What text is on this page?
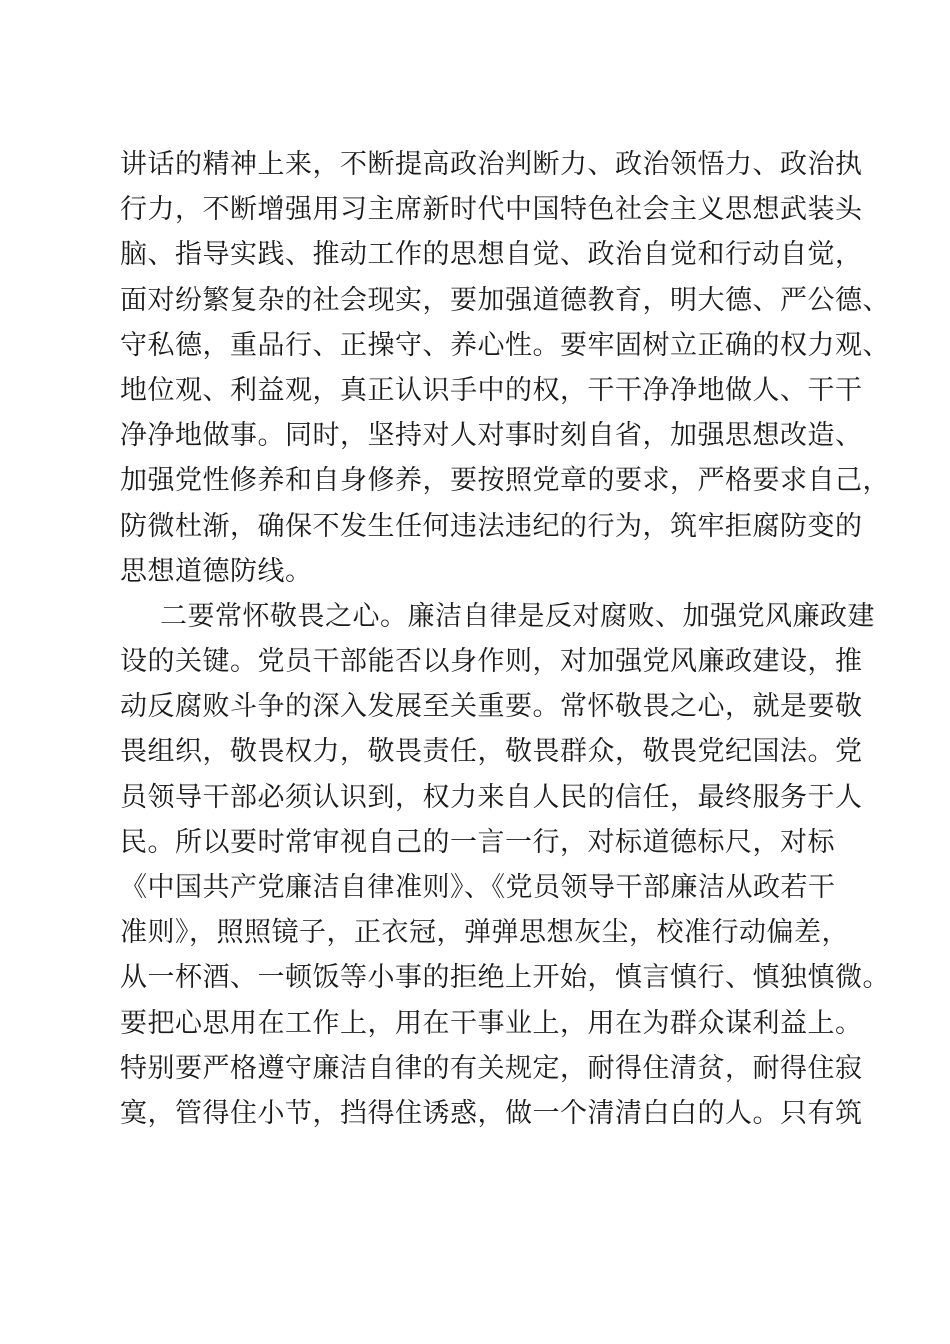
讲话的精神上来，不断提高政治判断力、政治领悟力、政治执
行力，不断增强用习主席新时代中国特色社会主义思想武装头
脑、指导实践、推动工作的思想自觉、政治自觉和行动自觉，
面对纷繁复杂的社会现实，要加强道德教育，明大德、严公德、
守私德，重品行、正操守、养心性。要牢固树立正确的权力观、
地位观、利益观，真正认识手中的权，干干净净地做人、干干
净净地做事。同时，坚持对人对事时刻自省，加强思想改造、
加强党性修养和自身修养，要按照党章的要求，严格要求自己，
防微杜渐，确保不发生任何违法违纪的行为，筑牢拒腐防变的
思想道德防线。
二要常怀敬畏之心。廉洁自律是反对腐败、加强党风廉政建
设的关键。党员干部能否以身作则，对加强党风廉政建设，推
动反腐败斗争的深入发展至关重要。常怀敬畏之心，就是要敬
畏组织，敬畏权力，敬畏责任，敬畏群众，敬畏党纪国法。党
员领导干部必须认识到，权力来自人民的信任，最终服务于人
民。所以要时常审视自己的一言一行，对标道德标尺，对标
《中国共产党廉洁自律准则》、《党员领导干部廉洁从政若干
准则》，照照镜子，正衣冠，弹弹思想灰尘，校准行动偏差，
从一杯酒、一顿饭等小事的拒绝上开始，慎言慎行、慎独慎微。
要把心思用在工作上，用在干事业上，用在为群众谋利益上。
特别要严格遵守廉洁自律的有关规定，耐得住清贫，耐得住寂
寞，管得住小节，挡得住诱惑，做一个清清白白的人。只有筑
